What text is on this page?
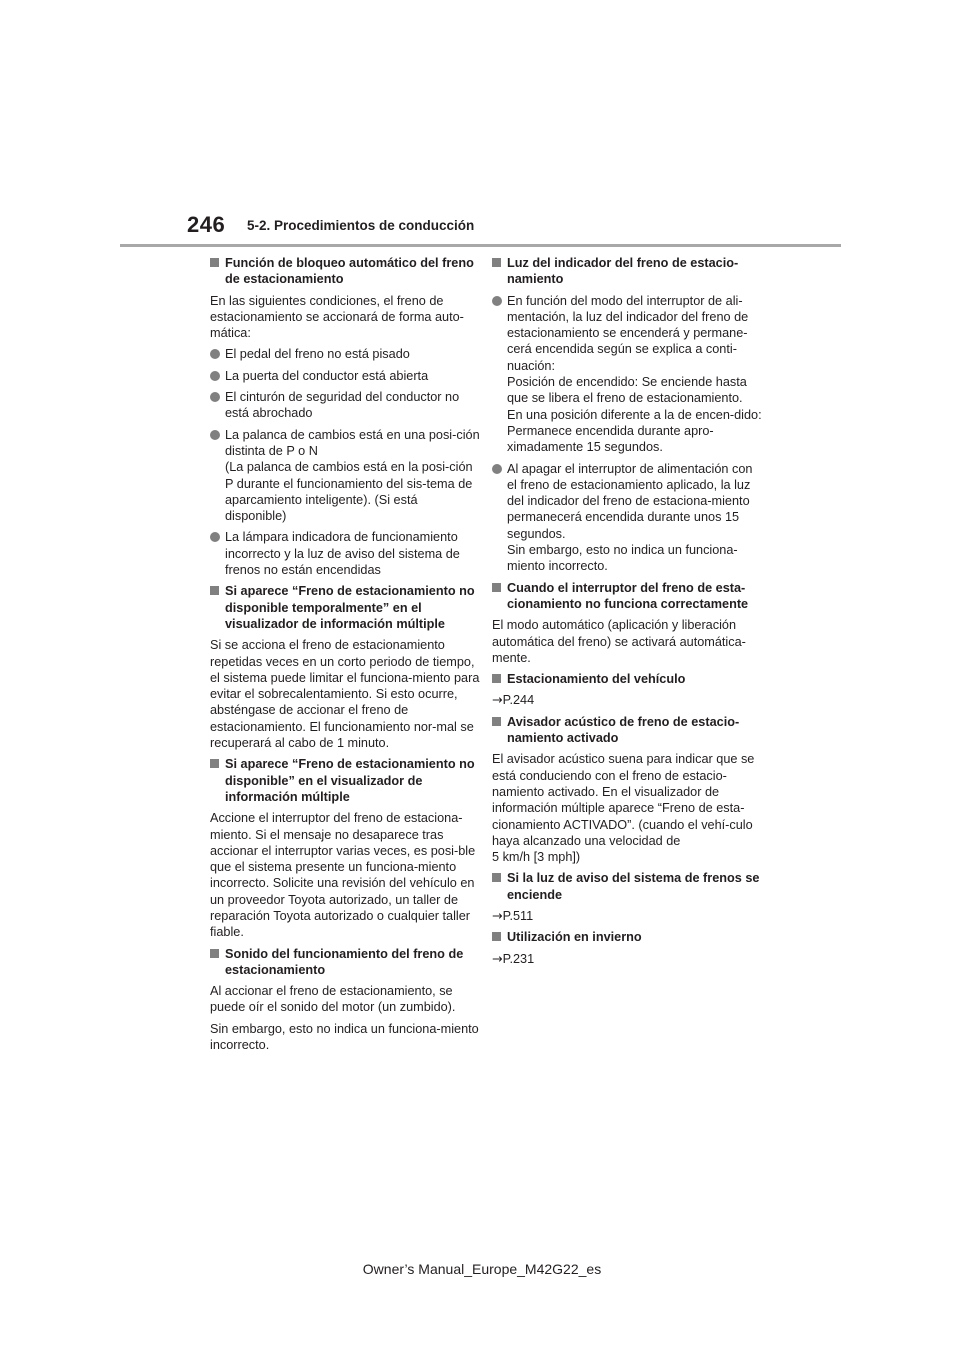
246 5-2. Procedimientos de conducción
Función de bloqueo automático del freno de estacionamiento
En las siguientes condiciones, el freno de estacionamiento se accionará de forma auto-mática:
El pedal del freno no está pisado
La puerta del conductor está abierta
El cinturón de seguridad del conductor no está abrochado
La palanca de cambios está en una posi-ción distinta de P o N
(La palanca de cambios está en la posi-ción P durante el funcionamiento del sis-tema de aparcamiento inteligente). (Si está disponible)
La lámpara indicadora de funcionamiento incorrecto y la luz de aviso del sistema de frenos no están encendidas
Si aparece “Freno de estacionamiento no disponible temporalmente” en el visualizador de información múltiple
Si se acciona el freno de estacionamiento repetidas veces en un corto periodo de tiempo, el sistema puede limitar el funciona-miento para evitar el sobrecalentamiento. Si esto ocurre, absténgase de accionar el freno de estacionamiento. El funcionamiento nor-mal se recuperará al cabo de 1 minuto.
Si aparece “Freno de estacionamiento no disponible” en el visualizador de información múltiple
Accione el interruptor del freno de estaciona-miento. Si el mensaje no desaparece tras accionar el interruptor varias veces, es posi-ble que el sistema presente un funciona-miento incorrecto. Solicite una revisión del vehículo en un proveedor Toyota autorizado, un taller de reparación Toyota autorizado o cualquier taller fiable.
Sonido del funcionamiento del freno de estacionamiento
Al accionar el freno de estacionamiento, se puede oír el sonido del motor (un zumbido).
Sin embargo, esto no indica un funciona-miento incorrecto.
Luz del indicador del freno de estacio-namiento
En función del modo del interruptor de ali-mentación, la luz del indicador del freno de estacionamiento se encenderá y permane-cerá encendida según se explica a conti-nuación:
Posición de encendido: Se enciende hasta que se libera el freno de estacionamiento.
En una posición diferente a la de encen-dido: Permanece encendida durante apro-ximadamente 15 segundos.
Al apagar el interruptor de alimentación con el freno de estacionamiento aplicado, la luz del indicador del freno de estaciona-miento permanecerá encendida durante unos 15 segundos.
Sin embargo, esto no indica un funciona-miento incorrecto.
Cuando el interruptor del freno de esta-cionamiento no funciona correctamente
El modo automático (aplicación y liberación automática del freno) se activará automática-mente.
Estacionamiento del vehículo
→P.244
Avisador acústico de freno de estacio-namiento activado
El avisador acústico suena para indicar que se está conduciendo con el freno de estacio-namiento activado. En el visualizador de información múltiple aparece “Freno de esta-cionamiento ACTIVADO”. (cuando el vehí-culo haya alcanzado una velocidad de
5 km/h [3 mph])
Si la luz de aviso del sistema de frenos se enciende
→P.511
Utilización en invierno
→P.231
Owner’s Manual_Europe_M42G22_es
